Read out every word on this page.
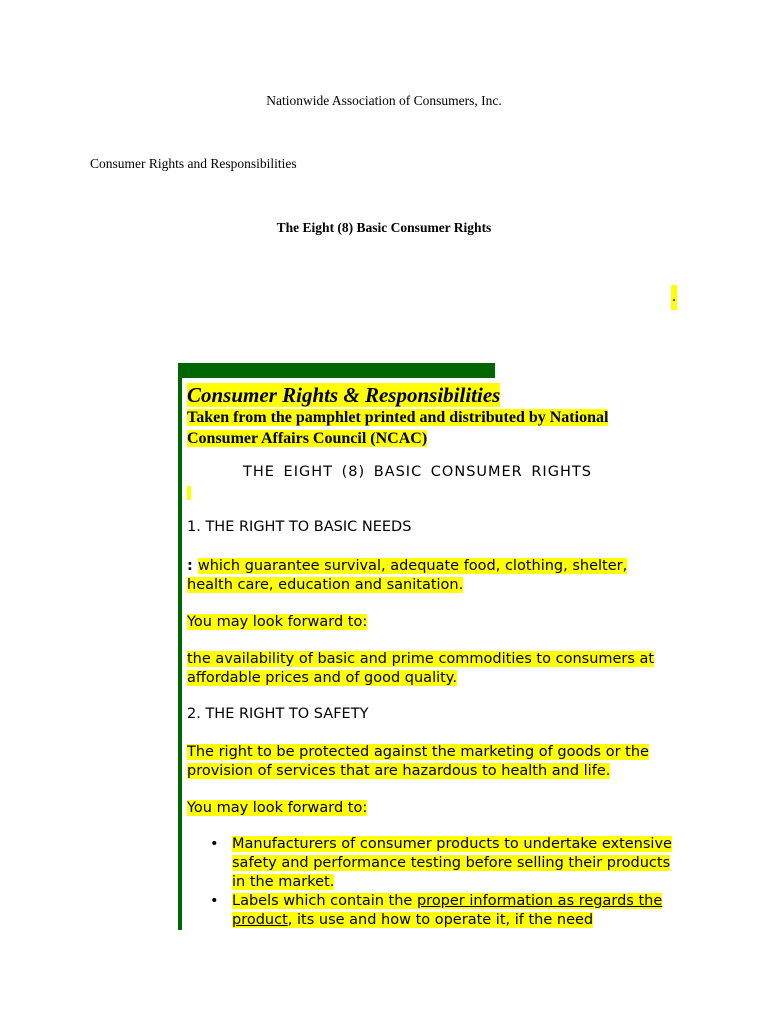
Nationwide Association of Consumers, Inc.
Consumer Rights and Responsibilities
The Eight (8) Basic Consumer Rights
.
Consumer Rights & Responsibilities
Taken from the pamphlet printed and distributed by National Consumer Affairs Council (NCAC)
THE EIGHT (8) BASIC CONSUMER RIGHTS
1. THE RIGHT TO BASIC NEEDS
: which guarantee survival, adequate food, clothing, shelter, health care, education and sanitation.
You may look forward to:
the availability of basic and prime commodities to consumers at affordable prices and of good quality.
2. THE RIGHT TO SAFETY
The right to be protected against the marketing of goods or the provision of services that are hazardous to health and life.
You may look forward to:
• Manufacturers of consumer products to undertake extensive safety and performance testing before selling their products in the market.
• Labels which contain the proper information as regards the product, its use and how to operate it, if the need
